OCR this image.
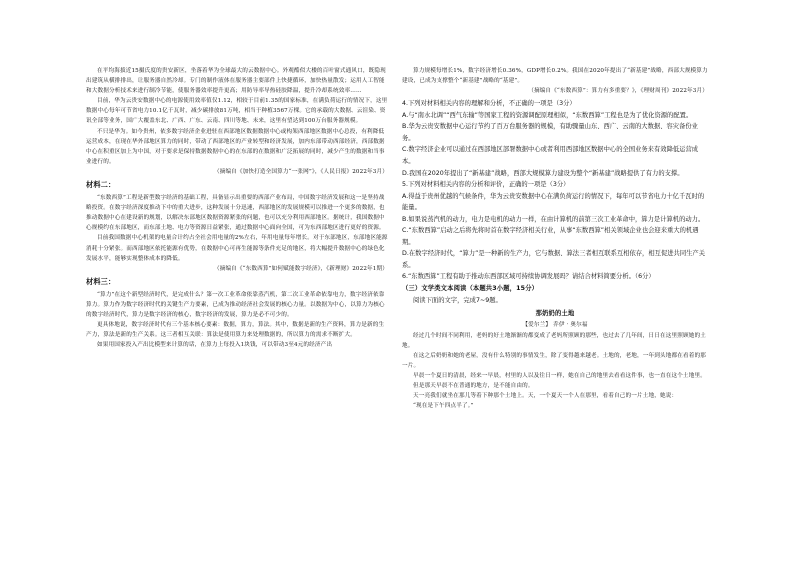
在平均海拔近15摄氏度的贵安新区，坐落着华为全球最大的云数据中心。外观酷似大楼的百叶窗式通风口，既隐现出建筑从横排排出，让服务器自然冷却。专门的制作液体在服务器主要部件上快捷循环，加快热量散发；运用人工智能和大数据分析技术来进行制冷节能，使服务器效率提升更高；用防导率导热硅胶降温，提升冷却系统效率……

目前，华为云贵安数据中心的电源使用效率值仅1.12，相较于目前1.35的国家标准，在满负荷运行的情况下，这里数据中心每年可节省电力10.1亿千瓦时，减少碳排放81万吨，相当于种植3567万棵。它的承载的大数据、云渲染、资讯全部等业务，国广大覆盖东北、广西、广东、云南、四川等地、未来，这里有望达到100万台服务器规模。

不只是华为。如今贵州，依多数字经济企业进驻在西部地区数据数据中心或构架西部地区数据中心总投，有利降低运营成本，在现在华外部地区算力的同时，带动了西部地区的产业转型和经济发展，加内东部带动西部经济，西部数据中心在积重区加上为中国，对于要求是保持数据数据中心的在东部的在数据和广泛拓展的同时，减少产生的数据和当事业进行的。

（摘编自《加快打造全国算力“一张网”》，《人民日报》2022年3月）

材料二：

“东数西算”工程是新型数字经济的基础工程，具备显示出重要的西部产业布局，中国数字经济发展和这一是坚持战略投资。在数字经济深度推动下中的重大进步，这种发展十分迅速，西部地区的发展规模可以推进一个更多的数据，也推动数据中心在建设新的规划，以解决东部地区数据资源紧张的问题，也可以充分利用西部地区。据统计，我国数据中心规模约在东部地区，而东部土地、电力等资源日益紧张，通过数据中心面向全国，可为东西部地区进行更好的资源。

目前我国数据中心机架的电量合计约占全社会用电量的2%左右，年用电量每年增长。对于东部地区，东部地区能源消耗十分紧张。而西部地区依托能源有优势，在数据中心可再生能源等条件充足的地区，将大幅提升数据中心的绿色化发展水平，能够实现整体成本的降低。

（摘编自《“东数西算”如何赋能数字经济》，《新理财》2022年1期）

材料三：

“算力”在这个新型经济时代，是完成什么？第一次工业革命依靠蒸汽机，第二次工业革命依靠电力，数字经济依靠算力。算力作为数字经济时代的关键生产力要素，已成为推动经济社会发展的核心力量。以数据为中心，以算力为核心的数字经济时代，算力是数字经济的核心，数字经济的发展，算力是必不可少的。

更具体地说，数字经济时代有三个基本核心要素：数据，算力，算法。其中，数据是新的生产资料，算力是新的生产力，算法是新的生产关系。这三者相互关联：算法是使用算力来处理数据的，所以算力的需求不断扩大。

如果用国家投入产出比模型来计算的话，在算力上每投入1块钱，可以带动3至4元的经济产出

算力规模每增长1%，数字经济增长0.36%，GDP增长0.2%。我国在2020年提出了“新基建”战略，西部大规模算力建设，已成为支撑整个“新基建”战略的“基建”。

（摘编自《“东数西算”：算力有多重要？》，《理财周刊》2022年3月）

4.下列对材料相关内容的理解和分析，不正确的一项是（3分）

A.与“南水北调”“西气东输”等国家工程的资源调配原理相似，“东数西算”工程也是为了优化资源的配置。

B.华为云贵安数据中心运行节约了百万台服务器的规模，有助骤量山东、西广、云南的大数据、容灾备份业务。

C.数字经济企业可以通过在西部地区部署数据中心或者利用西部地区数据中心的全国业务来有效降低运营成本。

D.我国在2020年提出了“新基建”战略，西部大规模算力建设为整个“新基建”战略提供了有力的支撑。

5.下列对材料相关内容的分析和评价，正确的一项是（3分）

A.得益于贵州优越的气候条件，华为云贵安数据中心在满负荷运行的情况下，每年可以节省电力十亿千瓦时的能量。

B.如果说蒸汽机的动力，电力是电机的动力一样，在由计算机的前第三次工业革命中，算力是计算机的动力。

C.“东数西算”启动之后将先将时首在数字经济相关行业，从事“东数西算”相关领域企业也会迎来重大的机遇期。

D.在数字经济时代，“算力”是一种新的生产力，它与数据、算法三者相互联系互相依存，相互促进共同生产关系。

6.“东数西算”工程有助于推动东西部区域可持续协调发展吗？请结合材料简要分析。（6分）

（三）文学类文本阅读（本题共3小题，15分）

阅读下面的文字，完成7~9题。

那奶奶的土地

【爱尔兰】 乔伊 · 奥尔福

经过几个时间不同利用，老妈的好土地渐渐的都变成了老妈所照顾的那些，也过去了几年间，日日在这里照顾她的土地。

在这之后奶奶和她的老屋，没有什么特别的事情发生，除了变得越来越老。土地的，老地，一年到头地都在看着的那一片。

早晨一个夏日的清晨，经来一早晨，村里的人以及往日一样，她在自己的地里去看看这件事，也一直在这个土地里。

但是那天早晨不在普通的地方，是不能自由的。

天一亮我们就坐在那儿等着下种那个土地上。天，一个夏天一个人在那里，看着自己的一片土地，她说：

“现在是下午四点半了。”
